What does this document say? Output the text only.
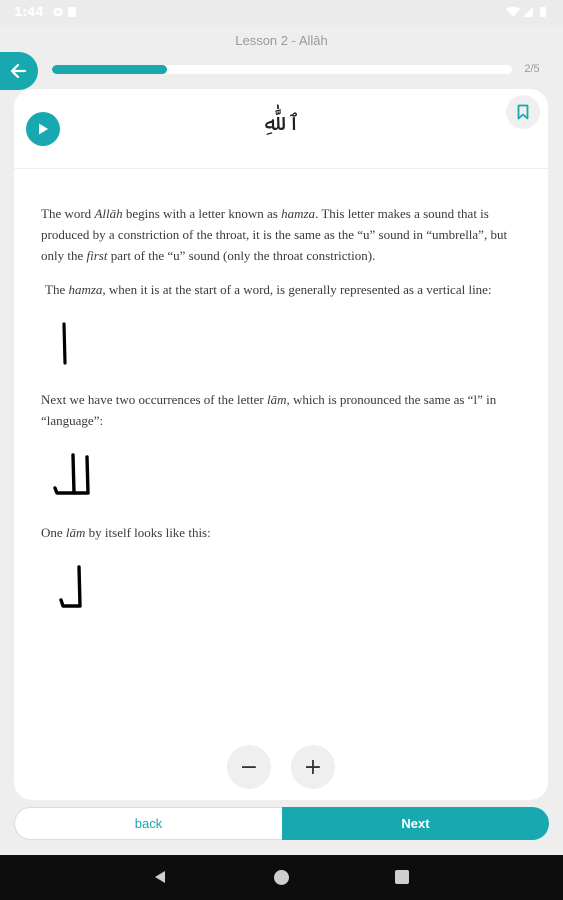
1:44
Lesson 2 - Allāh
2/5
ٱللَّٰهِ

The word Allāh begins with a letter known as hamza. This letter makes a sound that is produced by a constriction of the throat, it is the same as the “u” sound in “umbrella”, but only the first part of the “u” sound (only the throat constriction).

The hamza, when it is at the start of a word, is generally represented as a vertical line:

Next we have two occurrences of the letter lām, which is pronounced the same as “l” in “language”:

One lām by itself looks like this:

−	+
back	Next
